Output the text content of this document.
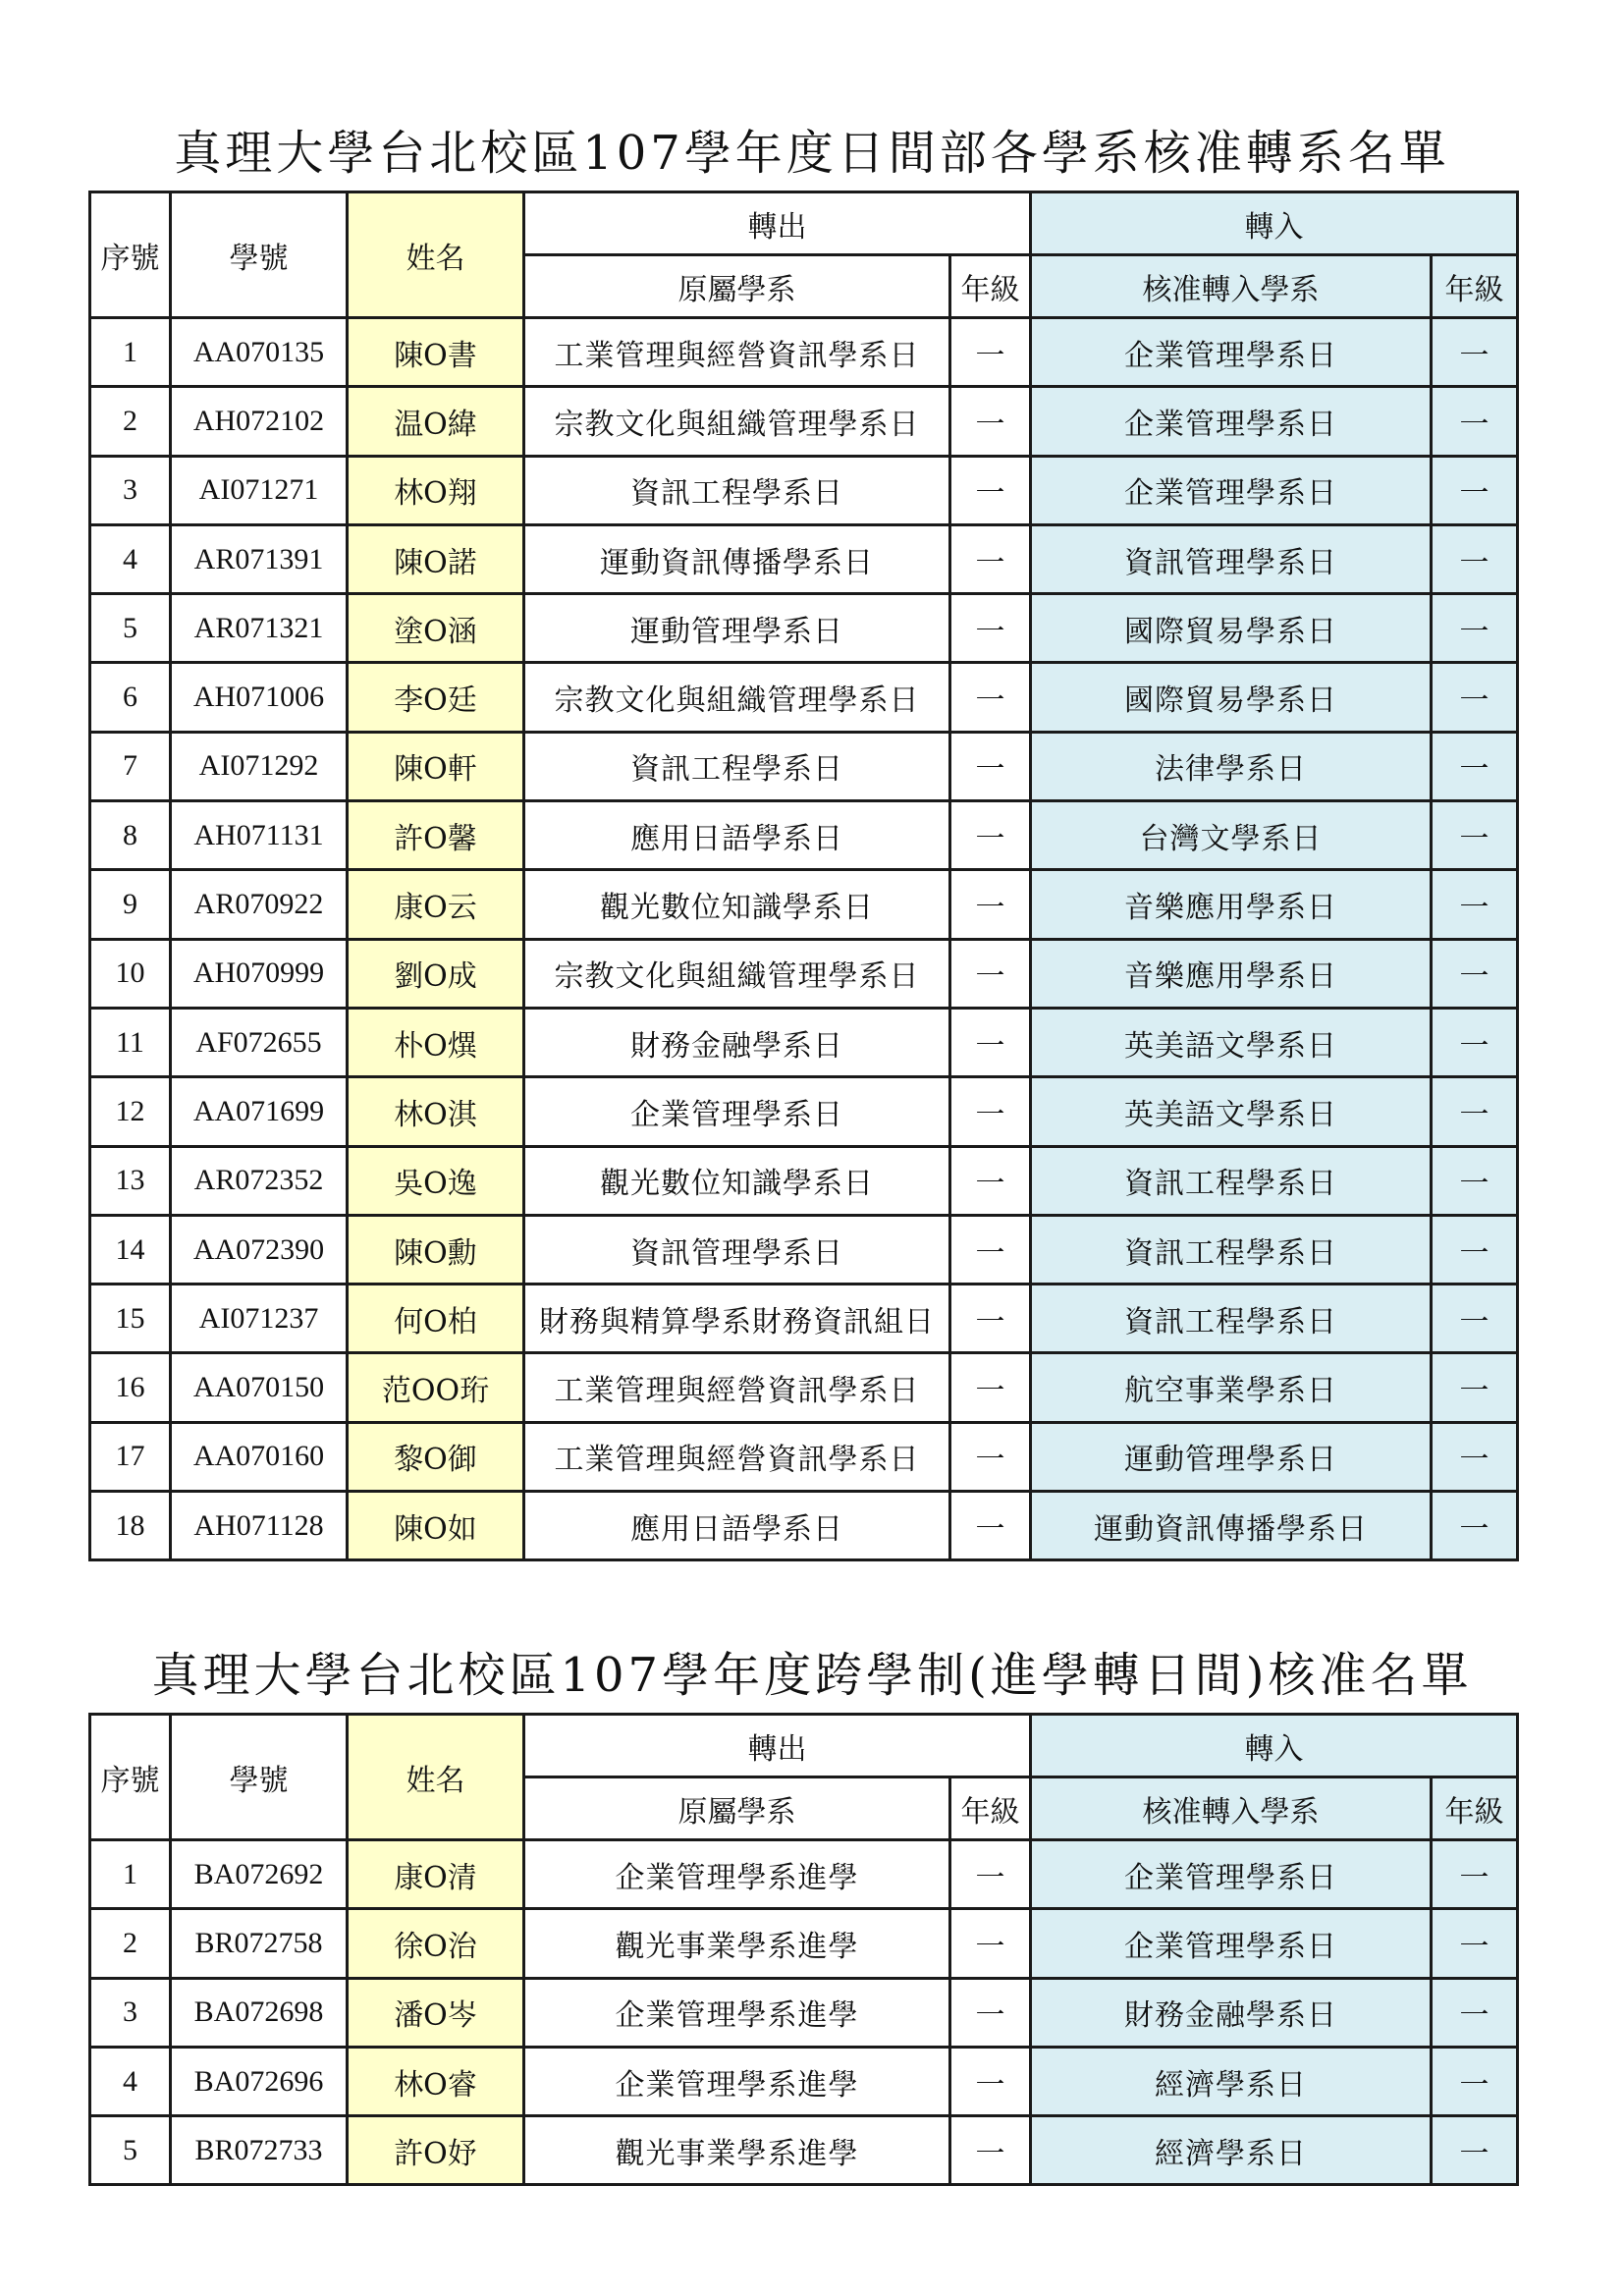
真理大學台北校區107學年度日間部各學系核准轉系名單
序號	學號	姓名	轉出		轉入	
			原屬學系	年級	核准轉入學系	年級
1	AA070135	陳O書	工業管理與經營資訊學系日	一	企業管理學系日	一
2	AH072102	温O緯	宗教文化與組織管理學系日	一	企業管理學系日	一
3	AI071271	林O翔	資訊工程學系日	一	企業管理學系日	一
4	AR071391	陳O諾	運動資訊傳播學系日	一	資訊管理學系日	一
5	AR071321	塗O涵	運動管理學系日	一	國際貿易學系日	一
6	AH071006	李O廷	宗教文化與組織管理學系日	一	國際貿易學系日	一
7	AI071292	陳O軒	資訊工程學系日	一	法律學系日	一
8	AH071131	許O馨	應用日語學系日	一	台灣文學系日	一
9	AR070922	康O云	觀光數位知識學系日	一	音樂應用學系日	一
10	AH070999	劉O成	宗教文化與組織管理學系日	一	音樂應用學系日	一
11	AF072655	朴O熼	財務金融學系日	一	英美語文學系日	一
12	AA071699	林O淇	企業管理學系日	一	英美語文學系日	一
13	AR072352	吳O逸	觀光數位知識學系日	一	資訊工程學系日	一
14	AA072390	陳O勳	資訊管理學系日	一	資訊工程學系日	一
15	AI071237	何O柏	財務與精算學系財務資訊組日	一	資訊工程學系日	一
16	AA070150	范OO珩	工業管理與經營資訊學系日	一	航空事業學系日	一
17	AA070160	黎O御	工業管理與經營資訊學系日	一	運動管理學系日	一
18	AH071128	陳O如	應用日語學系日	一	運動資訊傳播學系日	一
真理大學台北校區107學年度跨學制(進學轉日間)核准名單
序號	學號	姓名	轉出		轉入	
			原屬學系	年級	核准轉入學系	年級
1	BA072692	康O清	企業管理學系進學	一	企業管理學系日	一
2	BR072758	徐O治	觀光事業學系進學	一	企業管理學系日	一
3	BA072698	潘O岑	企業管理學系進學	一	財務金融學系日	一
4	BA072696	林O睿	企業管理學系進學	一	經濟學系日	一
5	BR072733	許O妤	觀光事業學系進學	一	經濟學系日	一
